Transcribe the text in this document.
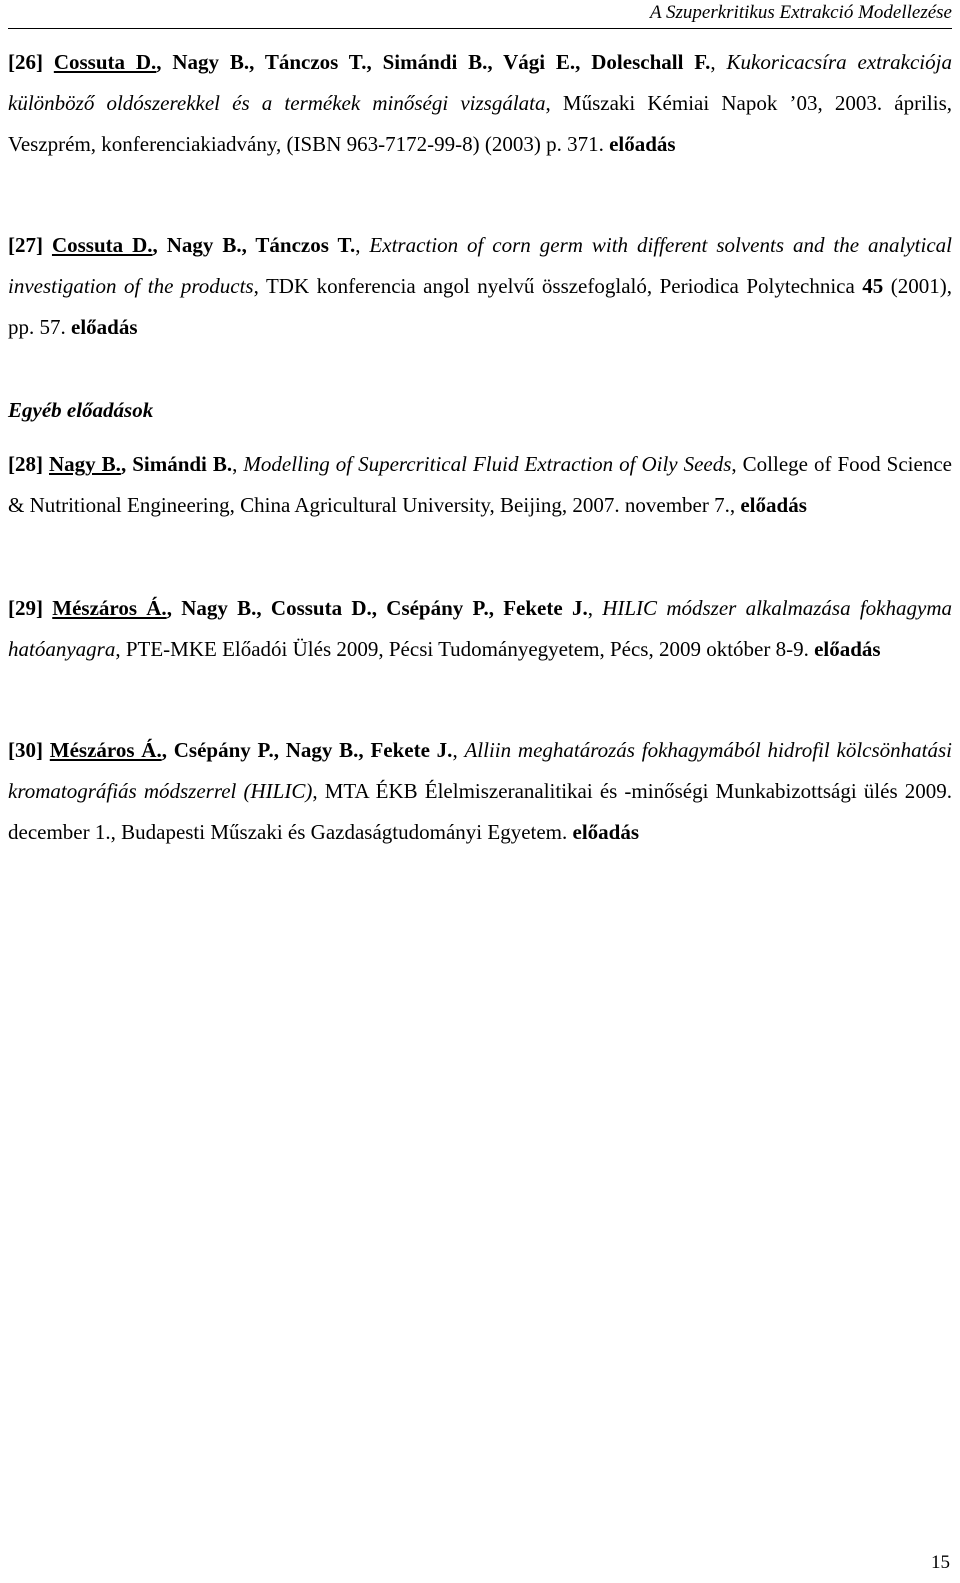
A Szuperkritikus Extrakció Modellezése
[26] Cossuta D., Nagy B., Tánczos T., Simándi B., Vági E., Doleschall F., Kukoricacsíra extrakciója különböző oldószerekkel és a termékek minőségi vizsgálata, Műszaki Kémiai Napok ’03, 2003. április, Veszprém, konferenciakiadvány, (ISBN 963-7172-99-8) (2003) p. 371. előadás
[27] Cossuta D., Nagy B., Tánczos T., Extraction of corn germ with different solvents and the analytical investigation of the products, TDK konferencia angol nyelvű összefoglaló, Periodica Polytechnica 45 (2001), pp. 57. előadás
Egyéb előadások
[28] Nagy B., Simándi B., Modelling of Supercritical Fluid Extraction of Oily Seeds, College of Food Science & Nutritional Engineering, China Agricultural University, Beijing, 2007. november 7., előadás
[29] Mészáros Á., Nagy B., Cossuta D., Csépány P., Fekete J., HILIC módszer alkalmazása fokhagyma hatóanyagra, PTE-MKE Előadói Ülés 2009, Pécsi Tudományegyetem, Pécs, 2009 október 8-9. előadás
[30] Mészáros Á., Csépány P., Nagy B., Fekete J., Alliin meghatározás fokhagymából hidrofil kölcsönhatási kromatográfiás módszerrel (HILIC), MTA ÉKB Élelmiszeranalitikai és -minőségi Munkabizottsági ülés 2009. december 1., Budapesti Műszaki és Gazdaságtudományi Egyetem. előadás
15
